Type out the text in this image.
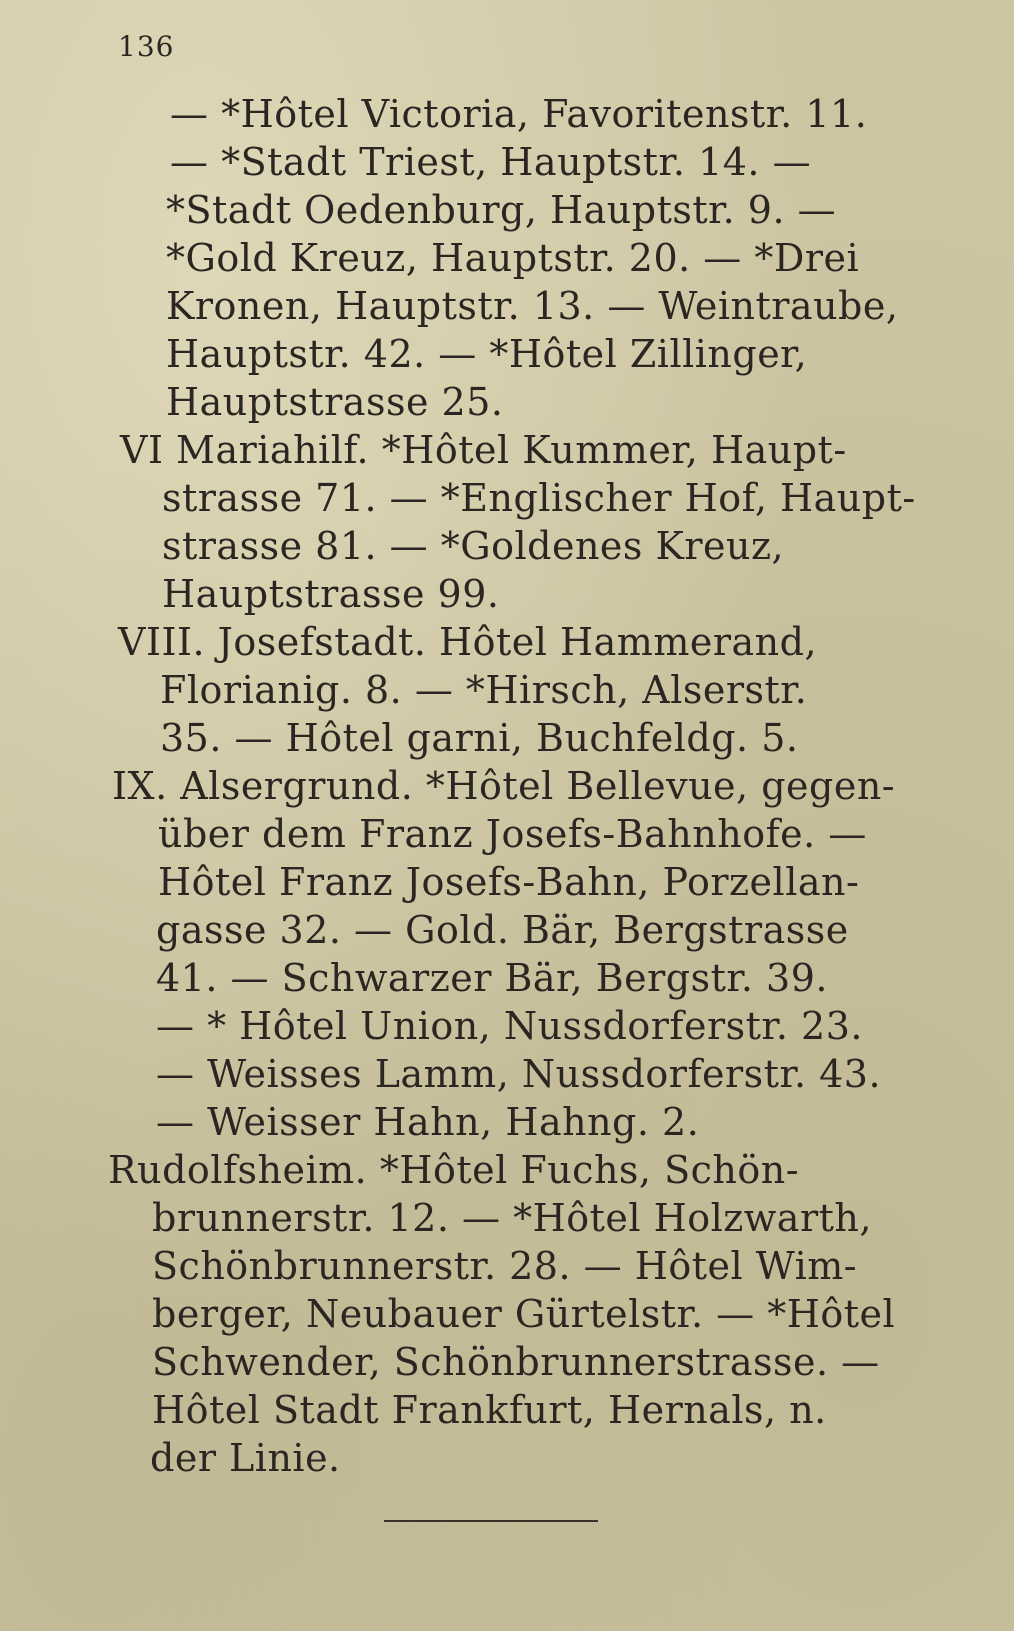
136
— *Hôtel Victoria, Favoritenstr. 11.
— *Stadt Triest, Hauptstr. 14. —
*Stadt Oedenburg, Hauptstr. 9. —
*Gold Kreuz, Hauptstr. 20. — *Drei
Kronen, Hauptstr. 13. — Weintraube,
Hauptstr. 42. — *Hôtel Zillinger,
Hauptstrasse 25.
VI Mariahilf. *Hôtel Kummer, Haupt-
strasse 71. — *Englischer Hof, Haupt-
strasse 81. — *Goldenes Kreuz,
Hauptstrasse 99.
VIII. Josefstadt. Hôtel Hammerand,
Florianig. 8. — *Hirsch, Alserstr.
35. — Hôtel garni, Buchfeldg. 5.
IX. Alsergrund. *Hôtel Bellevue, gegen-
über dem Franz Josefs-Bahnhofe. —
Hôtel Franz Josefs-Bahn, Porzellan-
gasse 32. — Gold. Bär, Bergstrasse
41. — Schwarzer Bär, Bergstr. 39.
— * Hôtel Union, Nussdorferstr. 23.
— Weisses Lamm, Nussdorferstr. 43.
— Weisser Hahn, Hahng. 2.
Rudolfsheim. *Hôtel Fuchs, Schön-
brunnerstr. 12. — *Hôtel Holzwarth,
Schönbrunnerstr. 28. — Hôtel Wim-
berger, Neubauer Gürtelstr. — *Hôtel
Schwender, Schönbrunnerstrasse. —
Hôtel Stadt Frankfurt, Hernals, n.
der Linie.
